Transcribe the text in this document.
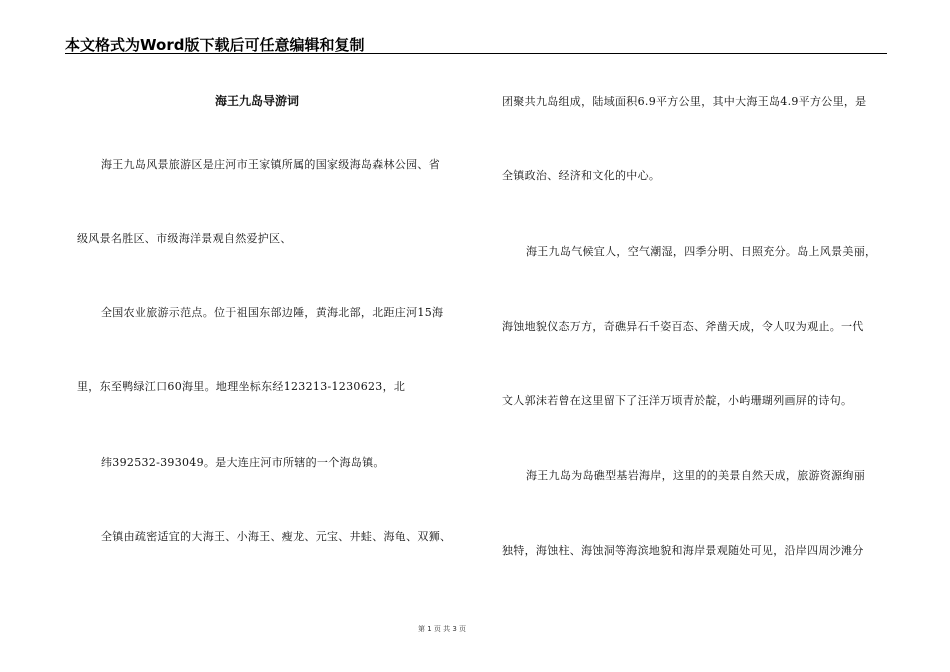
本文格式为Word版下载后可任意编辑和复制
海王九岛导游词
海王九岛风景旅游区是庄河市王家镇所属的国家级海岛森林公园、省
级风景名胜区、市级海洋景观自然爱护区、
全国农业旅游示范点。位于祖国东部边陲，黄海北部，北距庄河15海
里，东至鸭绿江口60海里。地理坐标东经123213-1230623，北
纬392532-393049。是大连庄河市所辖的一个海岛镇。
全镇由疏密适宜的大海王、小海王、瘦龙、元宝、井蛙、海龟、双狮、
团聚共九岛组成，陆域面积6.9平方公里，其中大海王岛4.9平方公里，是
全镇政治、经济和文化的中心。
海王九岛气候宜人，空气潮湿，四季分明、日照充分。岛上风景美丽，
海蚀地貌仪态万方，奇礁异石千姿百态、斧凿天成，令人叹为观止。一代
文人郭沫若曾在这里留下了汪洋万顷青於靛，小屿珊瑚列画屏的诗句。
海王九岛为岛礁型基岩海岸，这里的的美景自然天成，旅游资源绚丽
独特，海蚀柱、海蚀洞等海滨地貌和海岸景观随处可见，沿岸四周沙滩分
第 1 页 共 3 页
